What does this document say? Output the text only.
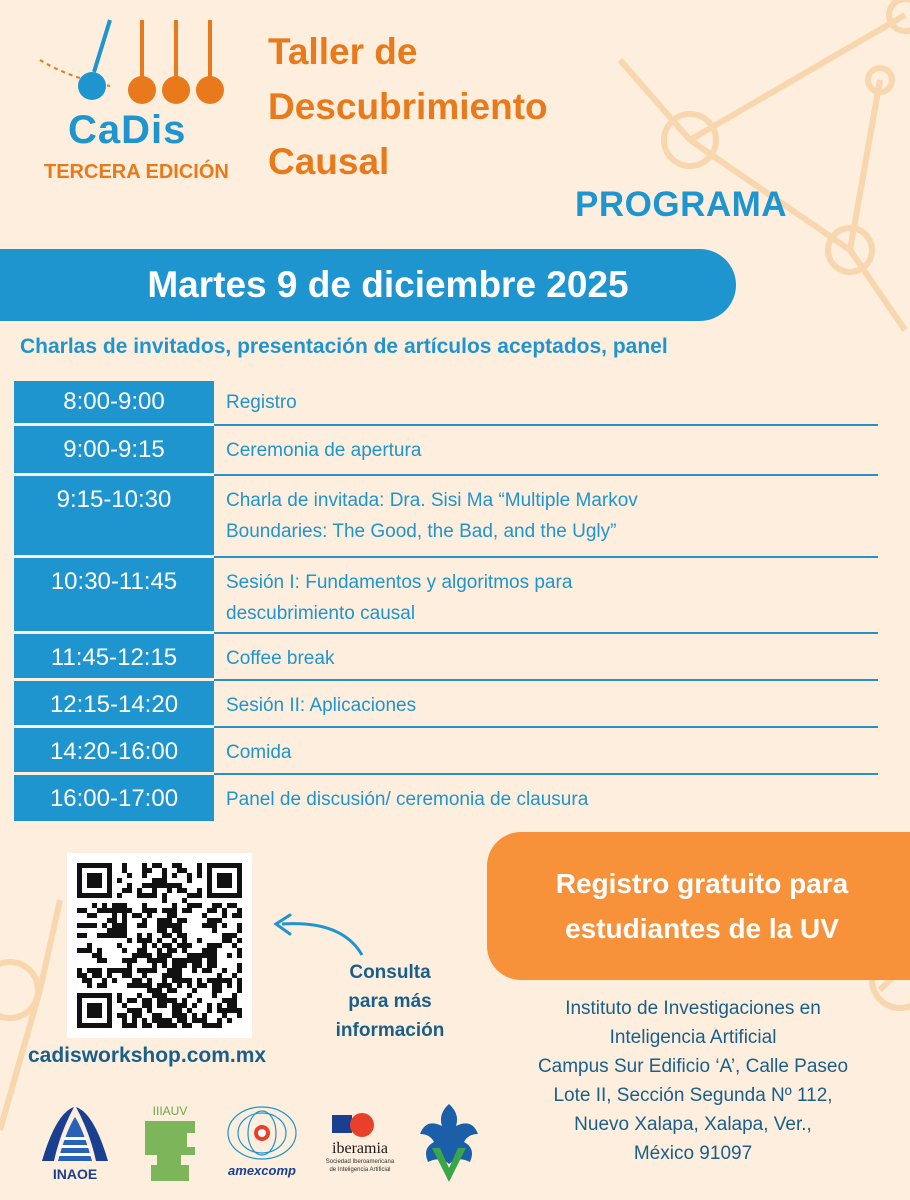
CaDis
TERCERA EDICIÓN
Taller de
Descubrimiento
Causal
PROGRAMA
Martes 9 de diciembre 2025
Charlas de invitados, presentación de artículos aceptados, panel
8:00-9:00	Registro
9:00-9:15	Ceremonia de apertura
9:15-10:30	Charla de invitada: Dra. Sisi Ma “Multiple Markov
Boundaries: The Good, the Bad, and the Ugly”
10:30-11:45	Sesión I: Fundamentos y algoritmos para
descubrimiento causal
11:45-12:15	Coffee break
12:15-14:20	Sesión II: Aplicaciones
14:20-16:00	Comida
16:00-17:00	Panel de discusión/ ceremonia de clausura
Consulta
para más
información
cadisworkshop.com.mx
Registro gratuito para
estudiantes de la UV
Instituto de Investigaciones en
Inteligencia Artificial
Campus Sur Edificio ‘A’, Calle Paseo
Lote II, Sección Segunda Nº 112,
Nuevo Xalapa, Xalapa, Ver.,
México 91097
INAOE
IIIAUV
amexcomp
iberamia
Sociedad Iberoamericana
de Inteligencia Artificial
